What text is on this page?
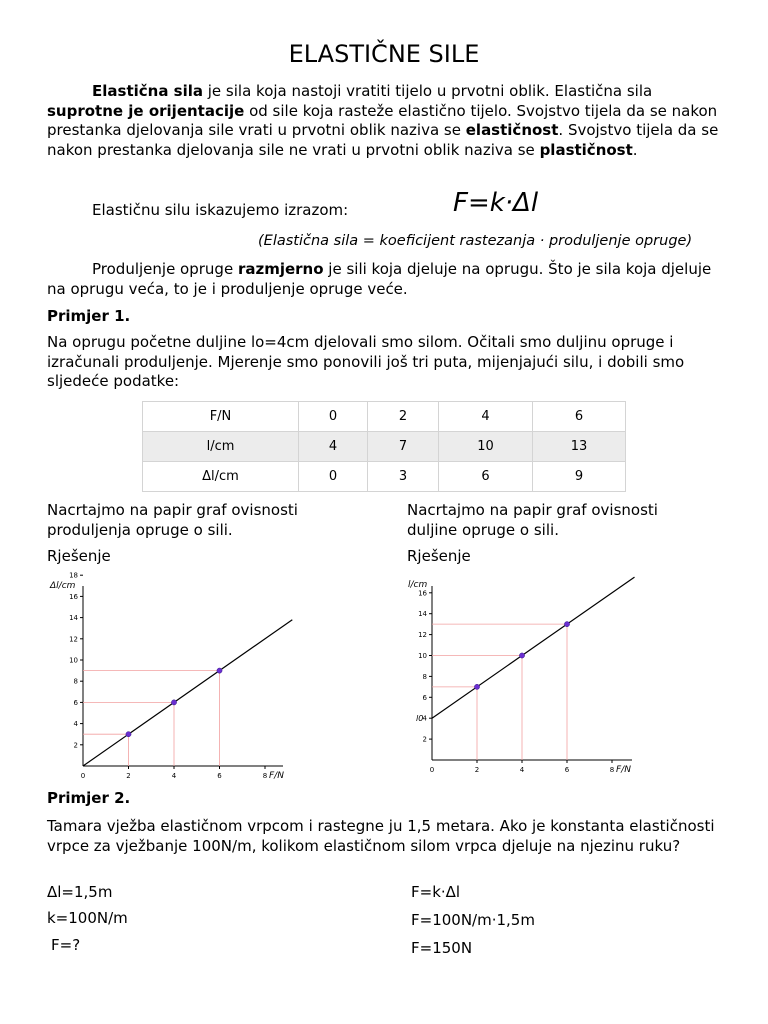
ELASTIČNE SILE
Elastična sila je sila koja nastoji vratiti tijelo u prvotni oblik. Elastična sila suprotne je orijentacije od sile koja rasteže elastično tijelo. Svojstvo tijela da se nakon prestanka djelovanja sile vrati u prvotni oblik naziva se elastičnost. Svojstvo tijela da se nakon prestanka djelovanja sile ne vrati u prvotni oblik naziva se plastičnost.
Elastičnu silu iskazujemo izrazom:	F=k·Δl
(Elastična sila = koeficijent rastezanja · produljenje opruge)
Produljenje opruge razmjerno je sili koja djeluje na oprugu. Što je sila koja djeluje na oprugu veća, to je i produljenje opruge veće.
Primjer 1.
Na oprugu početne duljine lo=4cm djelovali smo silom. Očitali smo duljinu opruge i izračunali produljenje. Mjerenje smo ponovili još tri puta, mijenjajući silu, i dobili smo sljedeće podatke:
F/N	0	2	4	6
l/cm	4	7	10	13
Δl/cm	0	3	6	9
Nacrtajmo na papir graf ovisnosti produljenja opruge o sili.
Nacrtajmo na papir graf ovisnosti duljine opruge o sili.
Rješenje	Rješenje
0	2	4	6	8
2
4
6
8
10
12
14
16
18
Δl/cm
F/N
0	2	4	6	8
2
4
6
8
10
12
14
16
l/cm
F/N
l0
Primjer 2.
Tamara vježba elastičnom vrpcom i rastegne ju 1,5 metara. Ako je konstanta elastičnosti vrpce za vježbanje 100N/m, kolikom elastičnom silom vrpca djeluje na njezinu ruku?
Δl=1,5m
k=100N/m
F=?
F=k·Δl
F=100N/m·1,5m
F=150N
